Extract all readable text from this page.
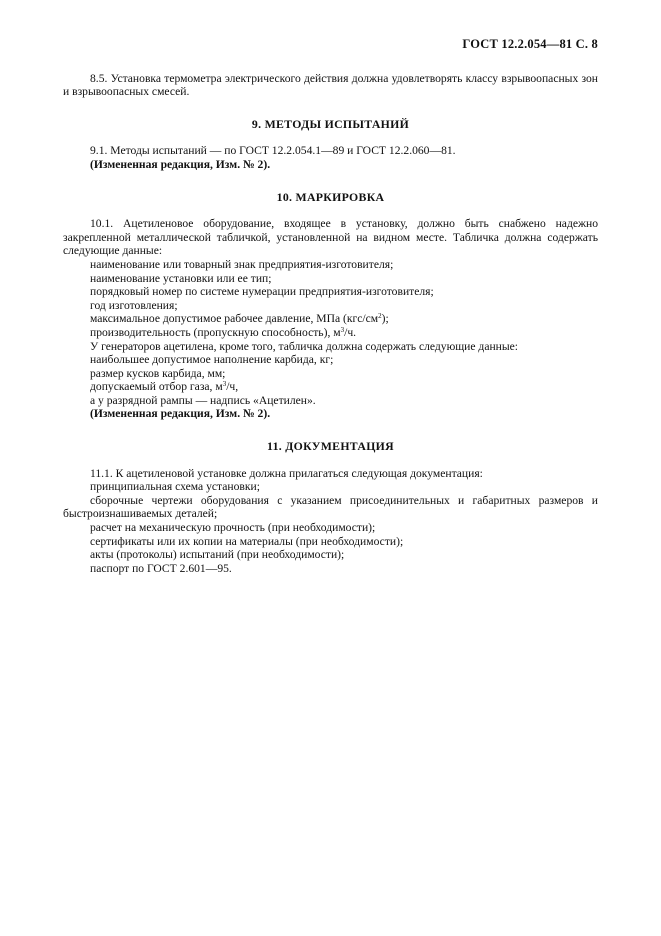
ГОСТ 12.2.054—81 С. 8

8.5. Установка термометра электрического действия должна удовлетворять классу взрывоопасных зон и взрывоопасных смесей.

9. МЕТОДЫ ИСПЫТАНИЙ

9.1. Методы испытаний — по ГОСТ 12.2.054.1—89 и ГОСТ 12.2.060—81.

(Измененная редакция, Изм. № 2).

10. МАРКИРОВКА

10.1. Ацетиленовое оборудование, входящее в установку, должно быть снабжено надежно закрепленной металлической табличкой, установленной на видном месте. Табличка должна содержать следующие данные:

наименование или товарный знак предприятия-изготовителя;

наименование установки или ее тип;

порядковый номер по системе нумерации предприятия-изготовителя;

год изготовления;

максимальное допустимое рабочее давление, МПа $(кгс/см^2)$;

производительность (пропускную способность), $м^3/ч$.

У генераторов ацетилена, кроме того, табличка должна содержать следующие данные:

наибольшее допустимое наполнение карбида, кг;

размер кусков карбида, мм;

допускаемый отбор газа, $м^3/ч$,

а у разрядной рампы — надпись «Ацетилен».

(Измененная редакция, Изм. № 2).

11. ДОКУМЕНТАЦИЯ

11.1. К ацетиленовой установке должна прилагаться следующая документация:

принципиальная схема установки;

сборочные чертежи оборудования с указанием присоединительных и габаритных размеров и быстроизнашиваемых деталей;

расчет на механическую прочность (при необходимости);

сертификаты или их копии на материалы (при необходимости);

акты (протоколы) испытаний (при необходимости);

паспорт по ГОСТ 2.601—95.
